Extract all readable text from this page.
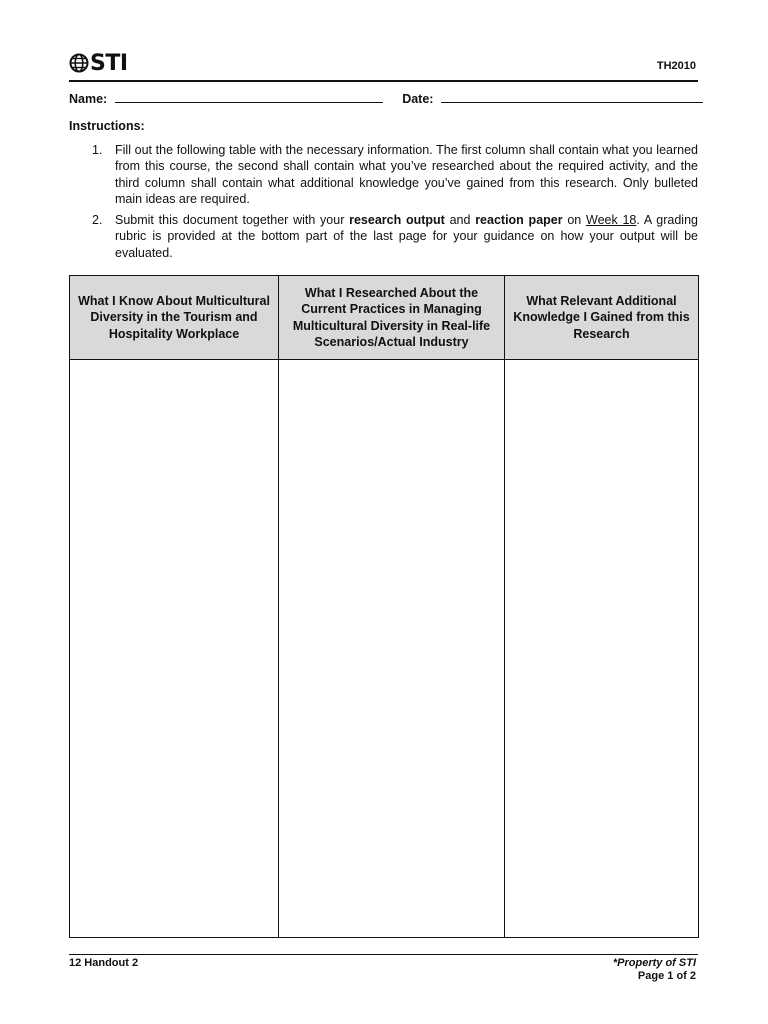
STI	TH2010
Name:	Date:
Instructions:
1. Fill out the following table with the necessary information. The first column shall contain what you learned from this course, the second shall contain what you’ve researched about the required activity, and the third column shall contain what additional knowledge you’ve gained from this research. Only bulleted main ideas are required.
2. Submit this document together with your research output and reaction paper on Week 18. A grading rubric is provided at the bottom part of the last page for your guidance on how your output will be evaluated.
What I Know About Multicultural Diversity in the Tourism and Hospitality Workplace	What I Researched About the Current Practices in Managing Multicultural Diversity in Real-life Scenarios/Actual Industry	What Relevant Additional Knowledge I Gained from this Research

12 Handout 2	*Property of STI
Page 1 of 2
